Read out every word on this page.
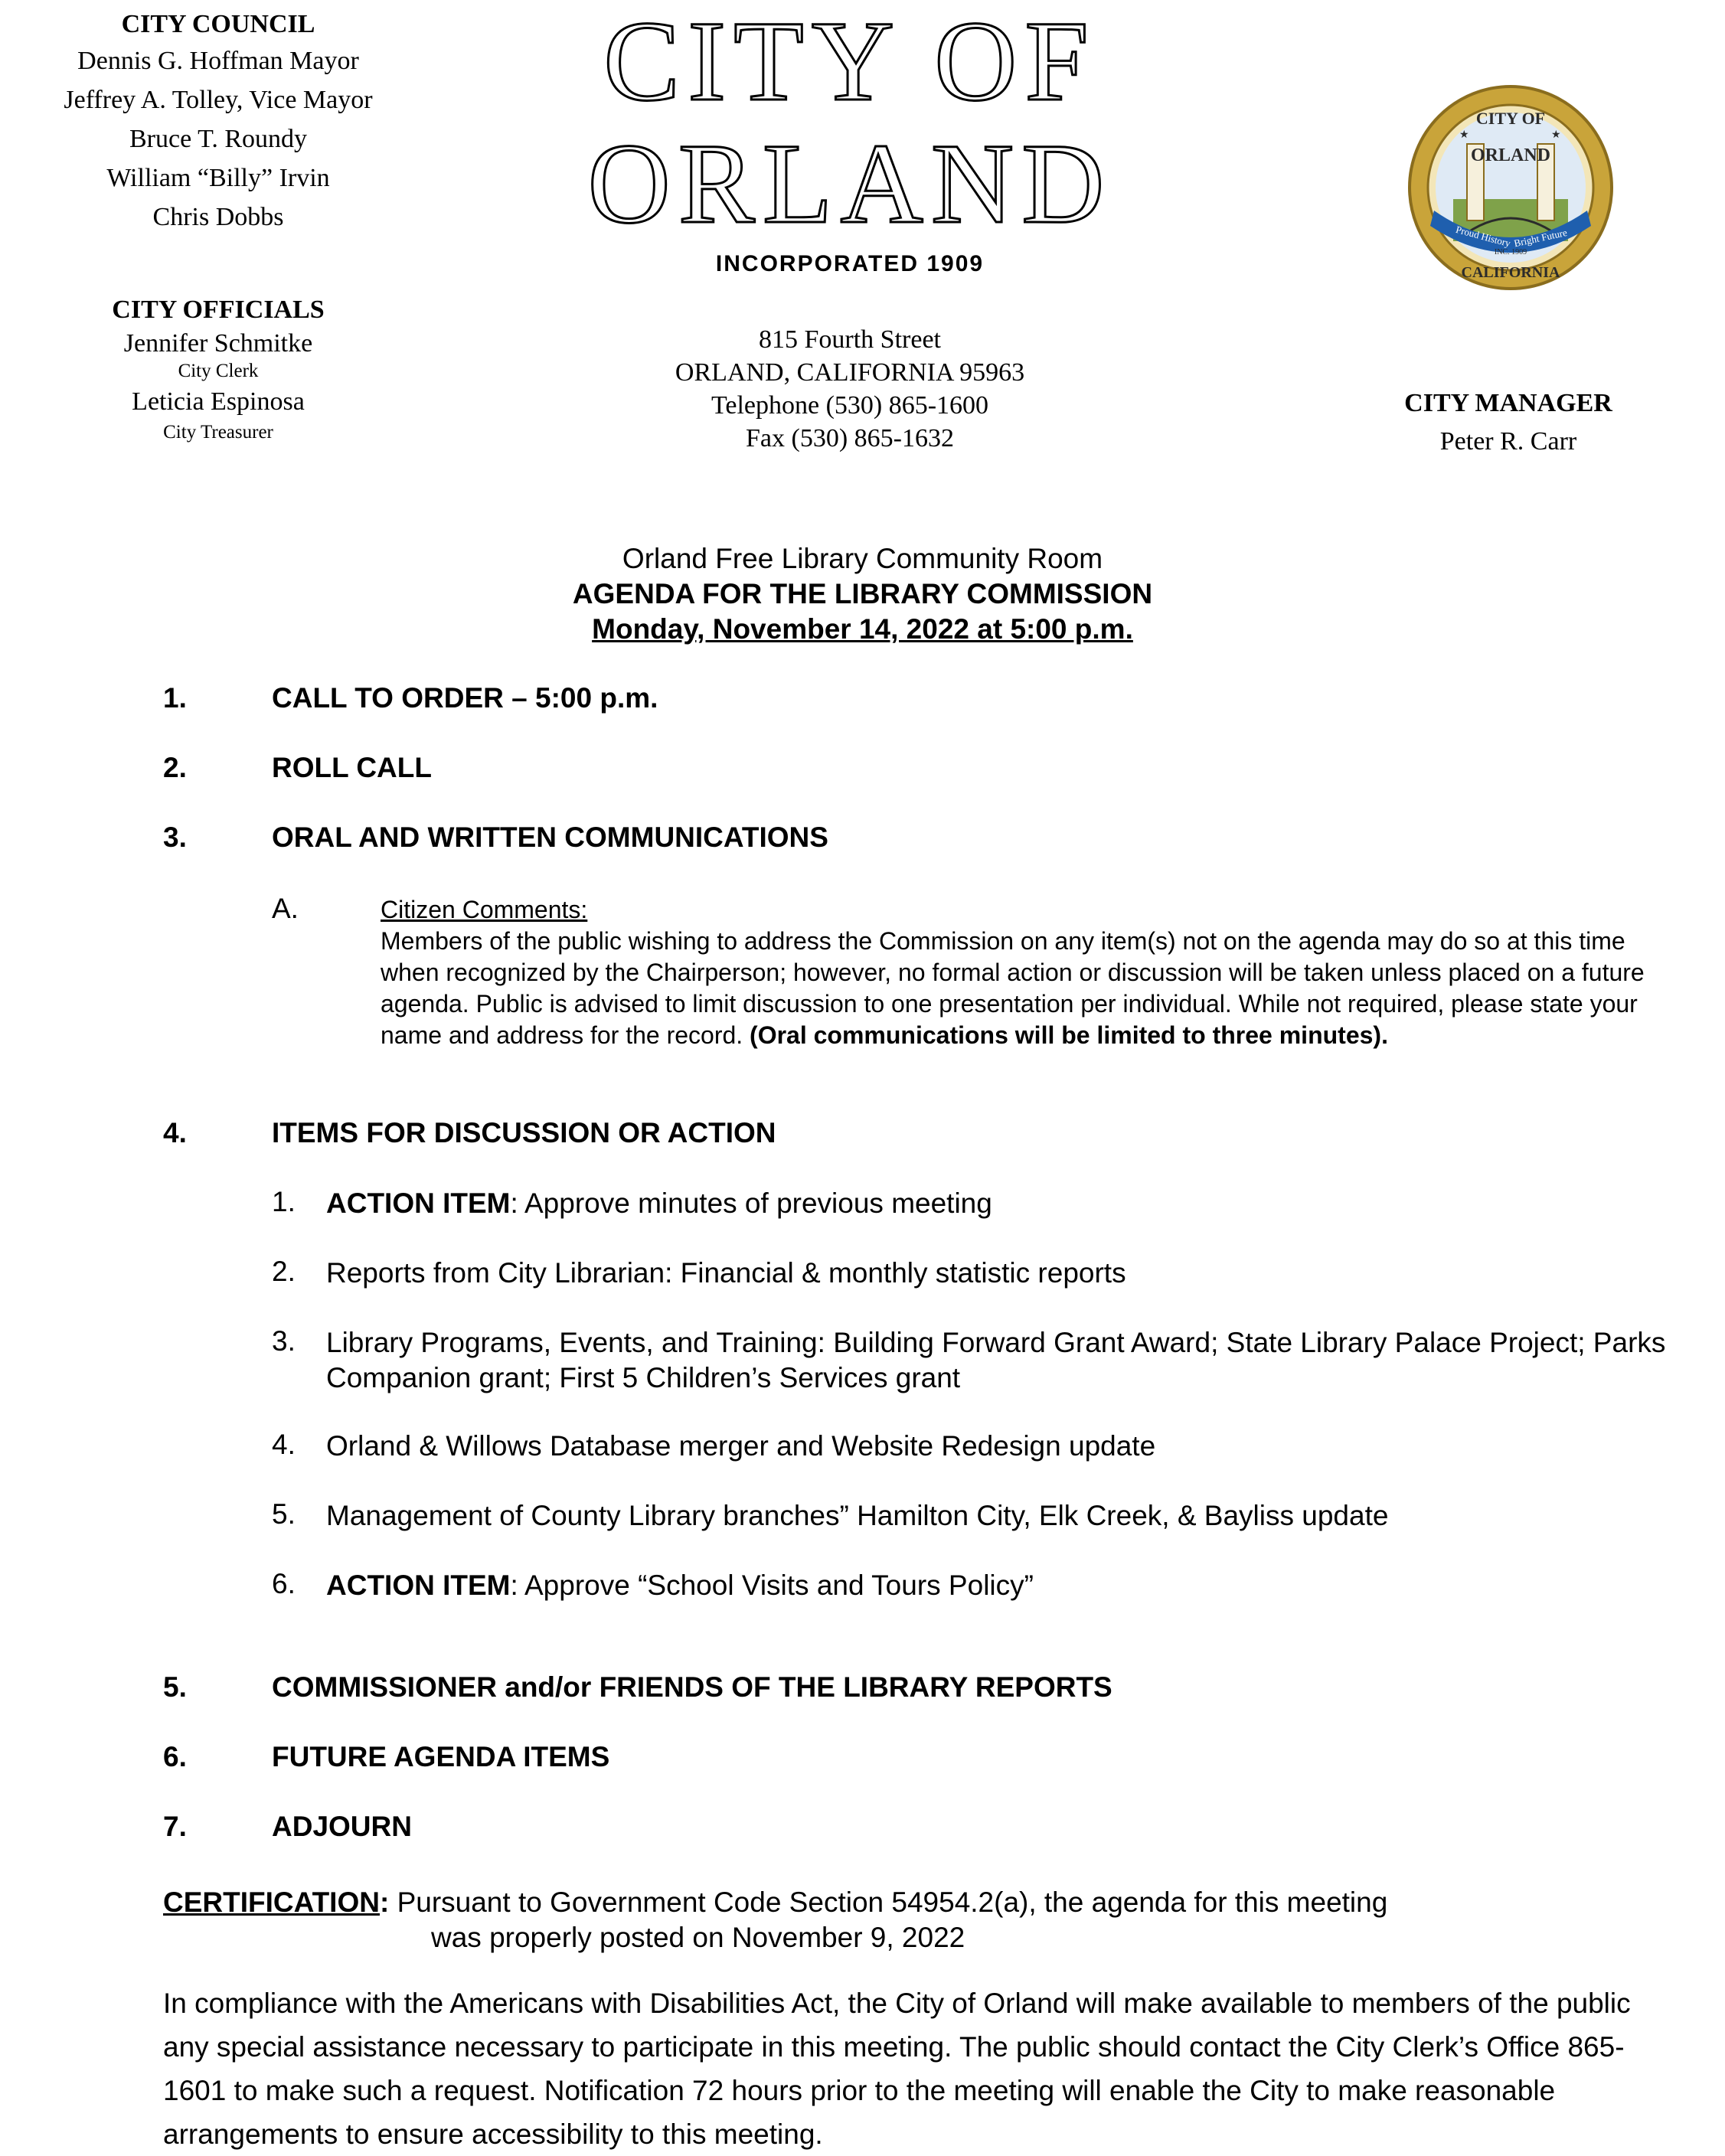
CITY COUNCIL
Dennis G. Hoffman Mayor
Jeffrey A. Tolley, Vice Mayor
Bruce T. Roundy
William “Billy” Irvin
Chris Dobbs
CITY OFFICIALS
Jennifer Schmitke
City Clerk
Leticia Espinosa
City Treasurer
CITY OF
ORLAND
INCORPORATED 1909
815 Fourth Street
ORLAND, CALIFORNIA 95963
Telephone (530) 865-1600
Fax (530) 865-1632
CITY OF
ORLAND
Proud History Bright Future
INC. 1909
CALIFORNIA
★	★
CITY MANAGER
Peter R. Carr
Orland Free Library Community Room
AGENDA FOR THE LIBRARY COMMISSION
Monday, November 14, 2022 at 5:00 p.m.
1.	CALL TO ORDER – 5:00 p.m.
2.	ROLL CALL
3.	ORAL AND WRITTEN COMMUNICATIONS
A.	Citizen Comments:
Members of the public wishing to address the Commission on any item(s) not on the agenda may do so at this time when recognized by the Chairperson; however, no formal action or discussion will be taken unless placed on a future agenda. Public is advised to limit discussion to one presentation per individual. While not required, please state your name and address for the record. (Oral communications will be limited to three minutes).
4.	ITEMS FOR DISCUSSION OR ACTION
1. ACTION ITEM: Approve minutes of previous meeting
2. Reports from City Librarian: Financial & monthly statistic reports
3. Library Programs, Events, and Training: Building Forward Grant Award; State Library Palace Project; Parks Companion grant; First 5 Children’s Services grant
4. Orland & Willows Database merger and Website Redesign update
5. Management of County Library branches” Hamilton City, Elk Creek, & Bayliss update
6. ACTION ITEM: Approve “School Visits and Tours Policy”
5.	COMMISSIONER and/or FRIENDS OF THE LIBRARY REPORTS
6.	FUTURE AGENDA ITEMS
7.	ADJOURN
CERTIFICATION: Pursuant to Government Code Section 54954.2(a), the agenda for this meeting
was properly posted on November 9, 2022
In compliance with the Americans with Disabilities Act, the City of Orland will make available to members of the public any special assistance necessary to participate in this meeting. The public should contact the City Clerk’s Office 865-1601 to make such a request. Notification 72 hours prior to the meeting will enable the City to make reasonable arrangements to ensure accessibility to this meeting.
